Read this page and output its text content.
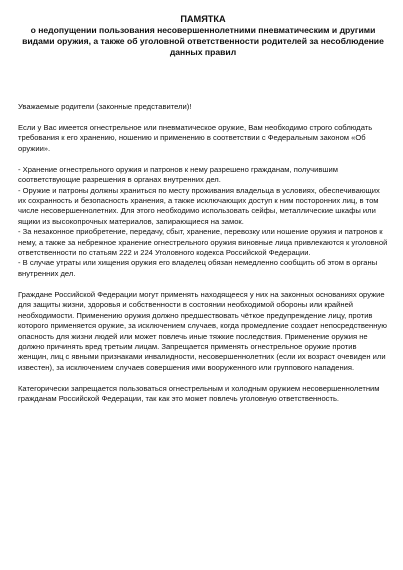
ПАМЯТКА
о недопущении пользования несовершеннолетними пневматическим и другими видами оружия, а также об уголовной ответственности родителей за несоблюдение данных правил

Уважаемые родители (законные представители)!

Если у Вас имеется огнестрельное или пневматическое оружие, Вам необходимо строго соблюдать требования к его хранению, ношению и применению в соответствии с Федеральным законом «Об оружии».

- Хранение огнестрельного оружия и патронов к нему разрешено гражданам, получившим соответствующие разрешения в органах внутренних дел.

- Оружие и патроны должны храниться по месту проживания владельца в условиях, обеспечивающих их сохранность и безопасность хранения, а также исключающих доступ к ним посторонних лиц, в том числе несовершеннолетних. Для этого необходимо использовать сейфы, металлические шкафы или ящики из высокопрочных материалов, запирающиеся на замок.

- За незаконное приобретение, передачу, сбыт, хранение, перевозку или ношение оружия и патронов к нему, а также за небрежное хранение огнестрельного оружия виновные лица привлекаются к уголовной ответственности по статьям 222 и 224 Уголовного кодекса Российской Федерации.

- В случае утраты или хищения оружия его владелец обязан немедленно сообщить об этом в органы внутренних дел.

Граждане Российской Федерации могут применять находящееся у них на законных основаниях оружие для защиты жизни, здоровья и собственности в состоянии необходимой обороны или крайней необходимости. Применению оружия должно предшествовать чёткое предупреждение лицу, против которого применяется оружие, за исключением случаев, когда промедление создает непосредственную опасность для жизни людей или может повлечь иные тяжкие последствия. Применение оружия не должно причинять вред третьим лицам. Запрещается применять огнестрельное оружие против женщин, лиц с явными признаками инвалидности, несовершеннолетних (если их возраст очевиден или известен), за исключением случаев совершения ими вооруженного или группового нападения.

Категорически запрещается пользоваться огнестрельным и холодным оружием несовершеннолетним гражданам Российской Федерации, так как это может повлечь уголовную ответственность.
